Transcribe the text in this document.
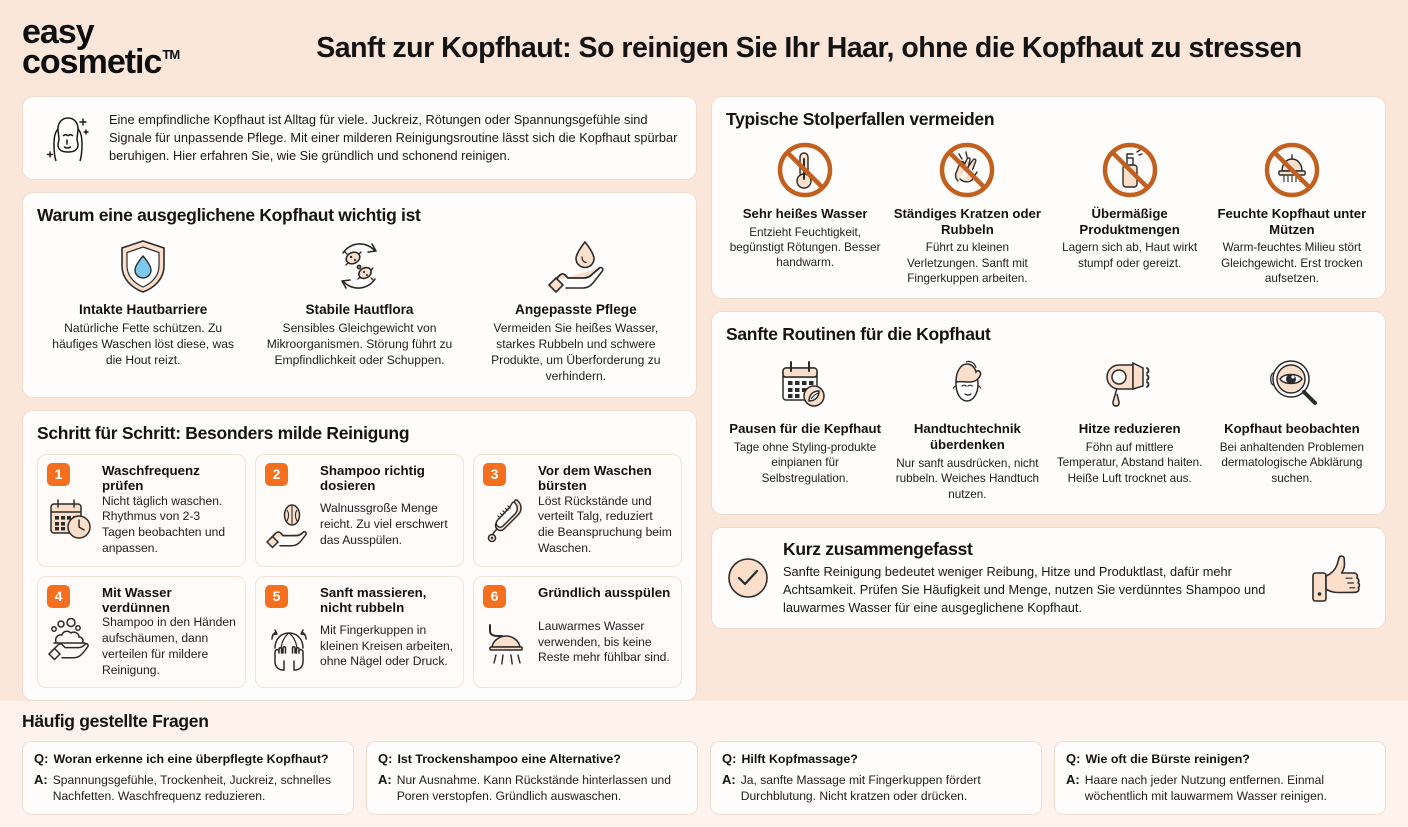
easy
cosmetic™	Sanft zur Kopfhaut: So reinigen Sie Ihr Haar, ohne die Kopfhaut zu stressen

Eine empfindliche Kopfhaut ist Alltag für viele. Juckreiz, Rötungen oder Spannungsgefühle sind Signale für unpassende Pflege. Mit einer milderen Reinigungsroutine lässt sich die Kopfhaut spürbar beruhigen. Hier erfahren Sie, wie Sie gründlich und schonend reinigen.

Warum eine ausgeglichene Kopfhaut wichtig ist
Intakte Hautbarriere
Natürliche Fette schützen. Zu häufiges Waschen löst diese, was die Hout reizt.
Stabile Hautflora
Sensibles Gleichgewicht von Mikroorganismen. Störung führt zu Empfindlichkeit oder Schuppen.
Angepasste Pflege
Vermeiden Sie heißes Wasser, starkes Rubbeln und schwere Produkte, um Überforderung zu verhindern.
Schritt für Schritt: Besonders milde Reinigung
1	Waschfrequenz prüfen
Nicht täglich waschen. Rhythmus von 2-3 Tagen beobachten und anpassen.
2	Shampoo richtig dosieren
Walnussgroße Menge reicht. Zu viel erschwert das Ausspülen.
3	Vor dem Waschen bürsten
Löst Rückstände und verteilt Talg, reduziert die Beanspruchung beim Waschen.
4	Mit Wasser verdünnen
Shampoo in den Händen aufschäumen, dann verteilen für mildere Reinigung.
5	Sanft massieren, nicht rubbeln
Mit Fingerkuppen in kleinen Kreisen arbeiten, ohne Nägel oder Druck.
6	Gründlich ausspülen
Lauwarmes Wasser verwenden, bis keine Reste mehr fühlbar sind.
Typische Stolperfallen vermeiden
Sehr heißes Wasser
Entzieht Feuchtigkeit, begünstigt Rötungen. Besser handwarm.
Ständiges Kratzen oder Rubbeln
Führt zu kleinen Verletzungen. Sanft mit Fingerkuppen arbeiten.
Übermäßige Produktmengen
Lagern sich ab, Haut wirkt stumpf oder gereizt.
Feuchte Kopfhaut unter Mützen
Warm-feuchtes Milieu stört Gleichgewicht. Erst trocken aufsetzen.
Sanfte Routinen für die Kopfhaut
Pausen für die Kepfhaut
Tage ohne Styling-produkte einpianen für Selbstregulation.
Handtuchtechnik überdenken
Nur sanft ausdrücken, nicht rubbeln. Weiches Handtuch nutzen.
Hitze reduzieren
Föhn auf mittlere Temperatur, Abstand haiten. Heiße Luft trocknet aus.
Kopfhaut beobachten
Bei anhaltenden Problemen dermatologische Abklärung suchen.
Kurz zusammengefasst

Sanfte Reinigung bedeutet weniger Reibung, Hitze und Produktlast, dafür mehr Achtsamkeit. Prüfen Sie Häufigkeit und Menge, nutzen Sie verdünntes Shampoo und lauwarmes Wasser für eine ausgeglichene Kopfhaut.

Häufig gestellte Fragen
Q: Woran erkenne ich eine überpflegte Kopfhaut?
A: Spannungsgefühle, Trockenheit, Juckreiz, schnelles Nachfetten. Waschfrequenz reduzieren.
Q: Ist Trockenshampoo eine Alternative?
A: Nur Ausnahme. Kann Rückstände hinterlassen und Poren verstopfen. Gründlich auswaschen.
Q: Hilft Kopfmassage?
A: Ja, sanfte Massage mit Fingerkuppen fördert Durchblutung. Nicht kratzen oder drücken.
Q: Wie oft die Bürste reinigen?
A: Haare nach jeder Nutzung entfernen. Einmal wöchentlich mit lauwarmem Wasser reinigen.
